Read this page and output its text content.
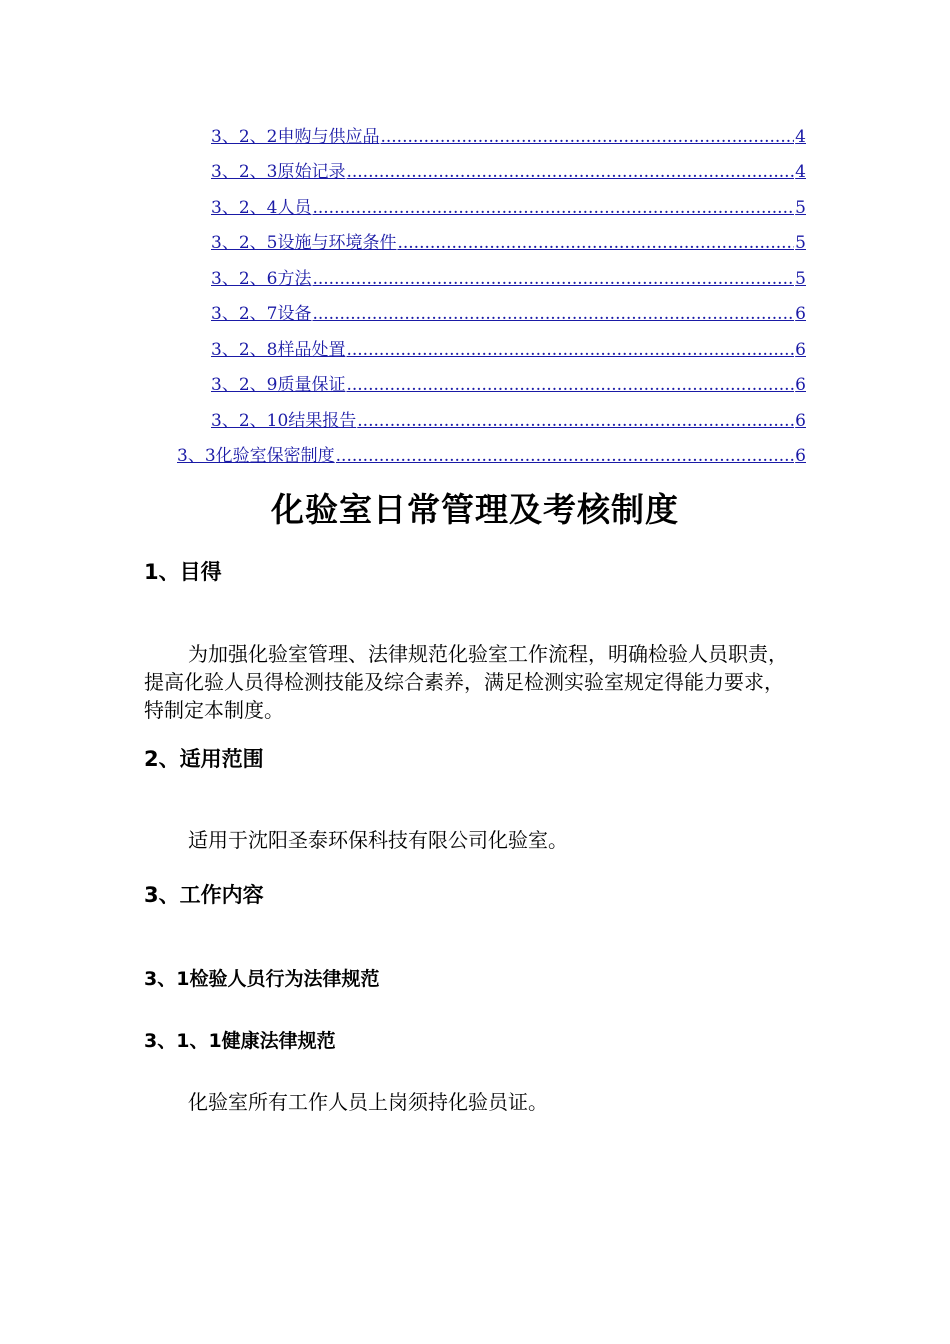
3、2、2申购与供应品 .....	4
3、2、3原始记录 .....	4
3、2、4人员 .....	5
3、2、5设施与环境条件 .....	5
3、2、6方法 .....	5
3、2、7设备 .....	6
3、2、8样品处置 .....	6
3、2、9质量保证 .....	6
3、2、10结果报告 .....	6
3、3化验室保密制度 .....	6
化验室日常管理及考核制度
1、目得
为加强化验室管理、法律规范化验室工作流程，明确检验人员职责，提高化验人员得检测技能及综合素养，满足检测实验室规定得能力要求，特制定本制度。
2、适用范围
适用于沈阳圣泰环保科技有限公司化验室。
3、工作内容
3、1检验人员行为法律规范
3、1、1健康法律规范
化验室所有工作人员上岗须持化验员证。
